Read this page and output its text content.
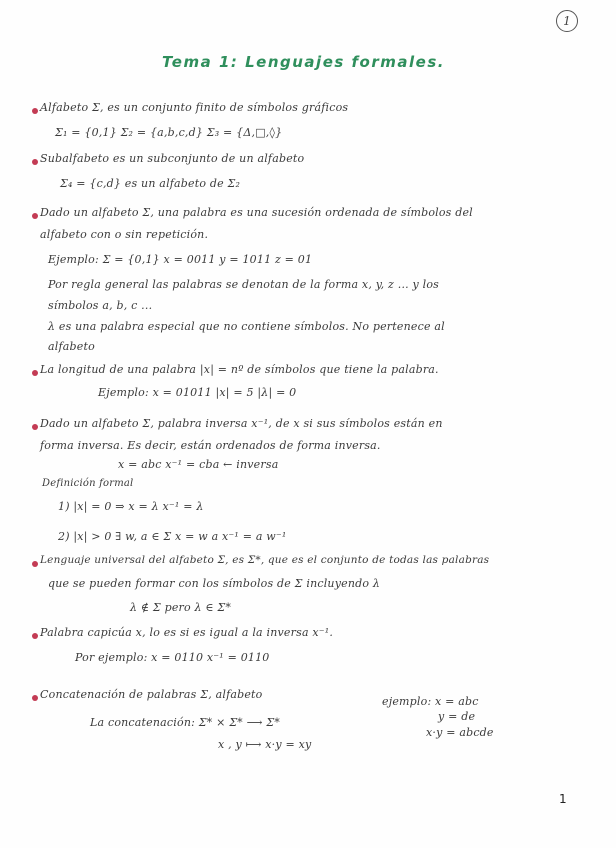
1
Tema 1: Lenguajes formales.
Alfabeto Σ, es un conjunto finito de símbolos gráficos
Σ₁ = {0,1} Σ₂ = {a,b,c,d} Σ₃ = {Δ,□,◊}
Subalfabeto es un subconjunto de un alfabeto
Σ₄ = {c,d} es un alfabeto de Σ₂
Dado un alfabeto Σ, una palabra es una sucesión ordenada de símbolos del
alfabeto con o sin repetición.
Ejemplo: Σ = {0,1} x = 0011 y = 1011 z = 01
Por regla general las palabras se denotan de la forma x, y, z ... y los
símbolos a, b, c ...
λ es una palabra especial que no contiene símbolos. No pertenece al
alfabeto
La longitud de una palabra |x| = nº de símbolos que tiene la palabra.
Ejemplo: x = 01011 |x| = 5 |λ| = 0
Dado un alfabeto Σ, palabra inversa x⁻¹, de x si sus símbolos están en
forma inversa. Es decir, están ordenados de forma inversa.
x = abc x⁻¹ = cba ← inversa
Definición formal
1) |x| = 0 ⇒ x = λ x⁻¹ = λ
2) |x| > 0 ∃ w, a ∈ Σ x = w a x⁻¹ = a w⁻¹
Lenguaje universal del alfabeto Σ, es Σ*, que es el conjunto de todas las palabras
que se pueden formar con los símbolos de Σ incluyendo λ
λ ∉ Σ pero λ ∈ Σ*
Palabra capicúa x, lo es si es igual a la inversa x⁻¹.
Por ejemplo: x = 0110 x⁻¹ = 0110
Concatenación de palabras Σ, alfabeto
La concatenación: Σ* × Σ* ⟶ Σ*
x , y ⟼ x·y = xy
ejemplo: x = abc
y = de
x·y = abcde
1
